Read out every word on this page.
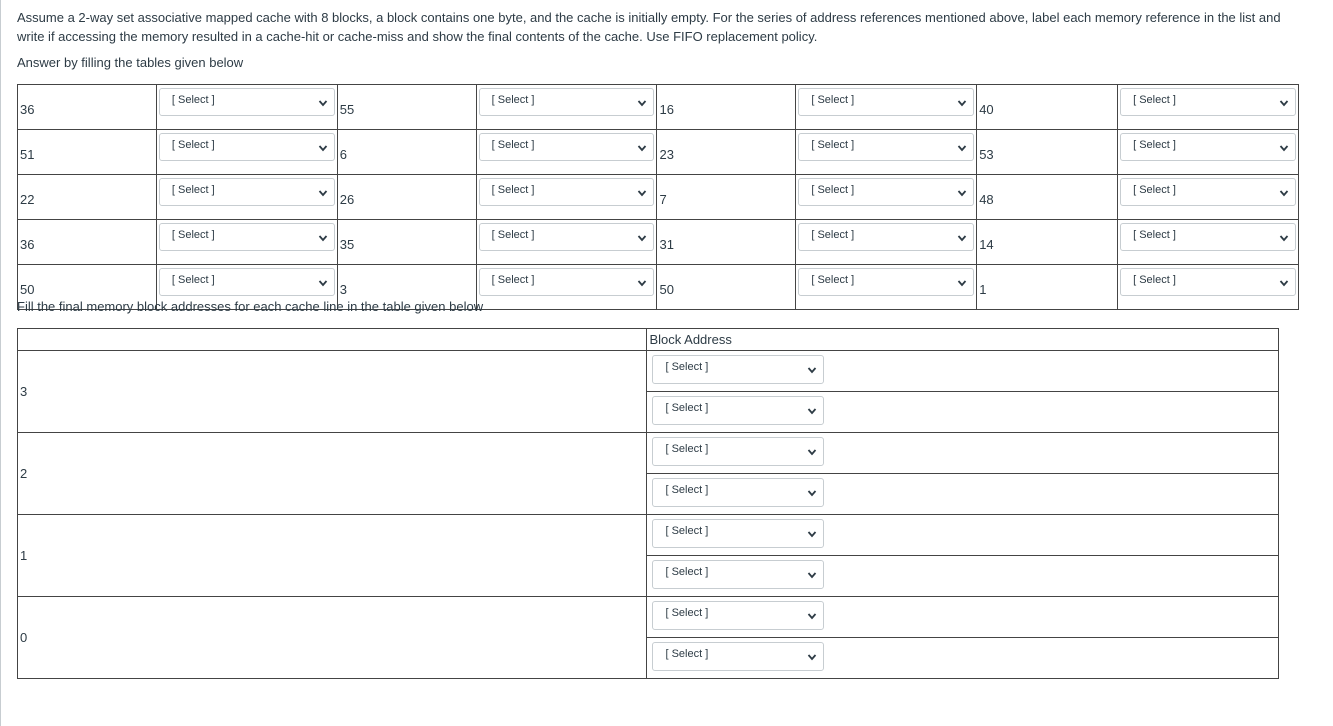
Assume a 2-way set associative mapped cache with 8 blocks, a block contains one byte, and the cache is initially empty. For the series of address references mentioned above, label each memory reference in the list and write if accessing the memory resulted in a cache-hit or cache-miss and show the final contents of the cache. Use FIFO replacement policy.
Answer by filling the tables given below
36	[ Select ]	55	[ Select ]	16	[ Select ]	40	[ Select ]

51	[ Select ]	6	[ Select ]	23	[ Select ]	53	[ Select ]

22	[ Select ]	26	[ Select ]	7	[ Select ]	48	[ Select ]

36	[ Select ]	35	[ Select ]	31	[ Select ]	14	[ Select ]

50	[ Select ]	3	[ Select ]	50	[ Select ]	1	[ Select ]
Fill the final memory block addresses for each cache line in the table given below
	Block Address
3	[ Select ]

	[ Select ]

2	[ Select ]

	[ Select ]

1	[ Select ]

	[ Select ]

0	[ Select ]

	[ Select ]
